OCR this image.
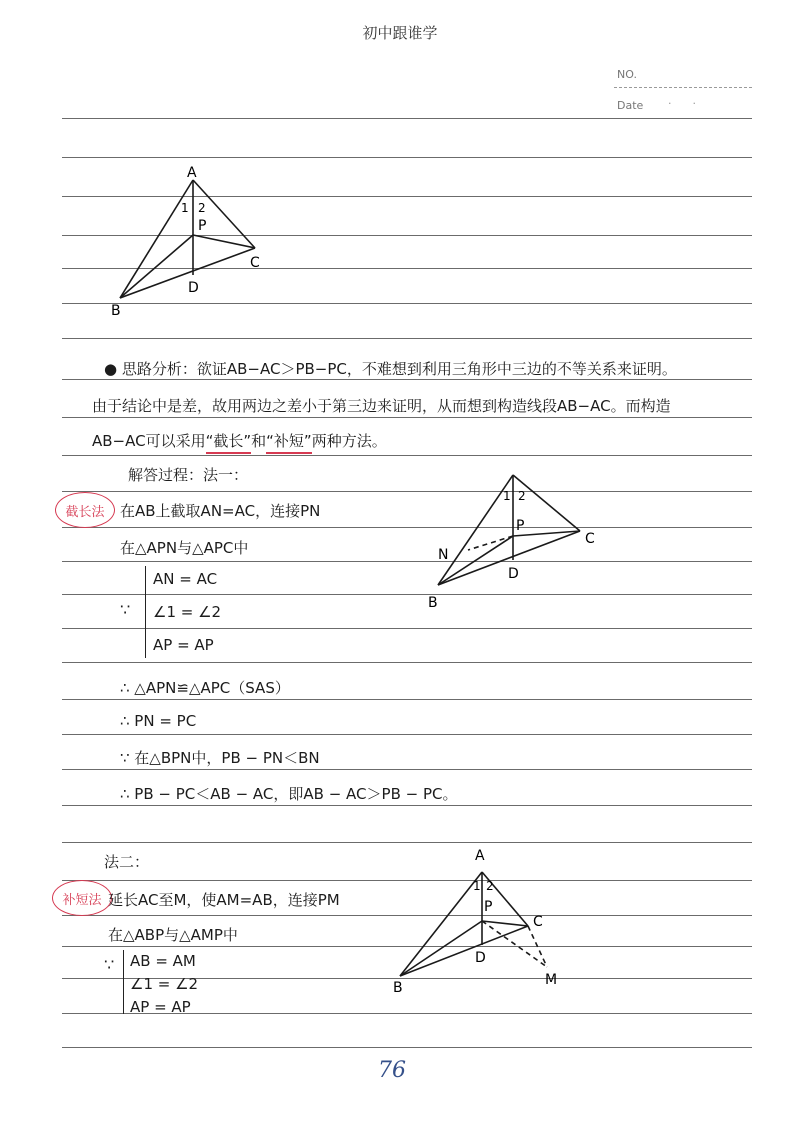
初中跟谁学
NO.
Date ·      ·
A
B
C
D
P
1 2
● 思路分析：欲证AB−AC＞PB−PC，不难想到利用三角形中三边的不等关系来证明。
由于结论中是差，故用两边之差小于第三边来证明，从而想到构造线段AB−AC。而构造
AB−AC可以采用“截长”和“补短”两种方法。
解答过程：法一：
截长法	在AB上截取AN=AC，连接PN
在△APN与△APC中
∵
AN = AC
∠1 = ∠2
AP = AP
∴ △APN≌△APC（SAS）
∴ PN = PC
∵ 在△BPN中，PB − PN＜BN
∴ PB − PC＜AB − AC，即AB − AC＞PB − PC。
B
C
D
P
N
1 2
法二：
补短法 延长AC至M，使AM=AB，连接PM
在△ABP与△AMP中
∵ AB = AM
∠1 = ∠2
AP = AP
A
B
C
D
P
M
1 2
76
